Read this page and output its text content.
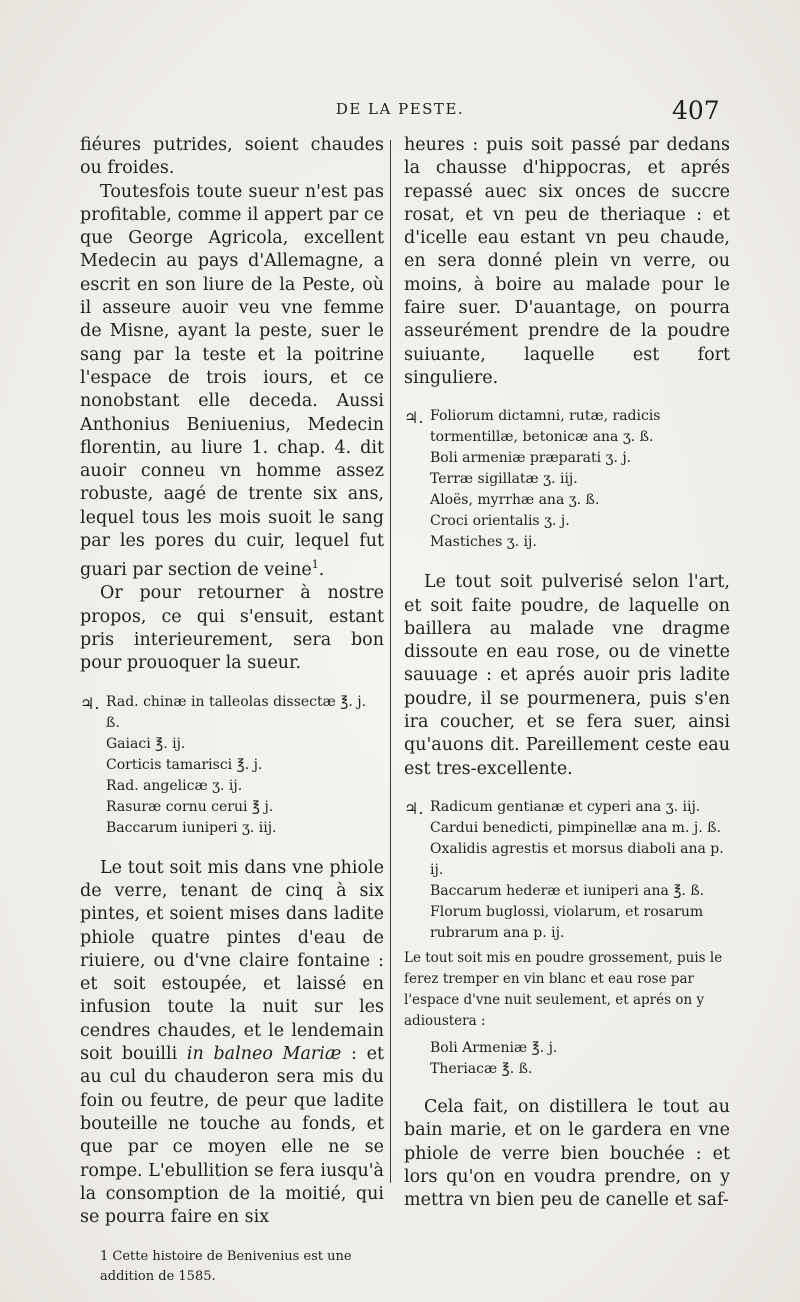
DE LA PESTE.	407

fiéures putrides, soient chaudes ou froides.

Toutesfois toute sueur n'est pas profitable, comme il appert par ce que George Agricola, excellent Medecin au pays d'Allemagne, a escrit en son liure de la Peste, où il asseure auoir veu vne femme de Misne, ayant la peste, suer le sang par la teste et la poitrine l'espace de trois iours, et ce nonobstant elle deceda. Aussi Anthonius Beniuenius, Medecin florentin, au liure 1. chap. 4. dit auoir conneu vn homme assez robuste, aagé de trente six ans, lequel tous les mois suoit le sang par les pores du cuir, lequel fut guari par section de veine$^1$.

Or pour retourner à nostre propos, ce qui s'ensuit, estant pris interieurement, sera bon pour prouoquer la sueur.

♃. Rad. chinæ in talleolas dissectæ ℥. j. ß.
Gaiaci ℥. ij.
Corticis tamarisci ℥. j.
Rad. angelicæ ʒ. ij.
Rasuræ cornu cerui ℥ j.
Baccarum iuniperi ʒ. iij.

Le tout soit mis dans vne phiole de verre, tenant de cinq à six pintes, et soient mises dans ladite phiole quatre pintes d'eau de riuiere, ou d'vne claire fontaine : et soit estoupée, et laissé en infusion toute la nuit sur les cendres chaudes, et le lendemain soit bouilli in balneo Mariæ : et au cul du chauderon sera mis du foin ou feutre, de peur que ladite bouteille ne touche au fonds, et que par ce moyen elle ne se rompe. L'ebullition se fera iusqu'à la consomption de la moitié, qui se pourra faire en six

1 Cette histoire de Benivenius est une addition de 1585.

heures : puis soit passé par dedans la chausse d'hippocras, et aprés repassé auec six onces de succre rosat, et vn peu de theriaque : et d'icelle eau estant vn peu chaude, en sera donné plein vn verre, ou moins, à boire au malade pour le faire suer. D'auantage, on pourra asseurément prendre de la poudre suiuante, laquelle est fort singuliere.

♃. Foliorum dictamni, rutæ, radicis tormentillæ, betonicæ ana ʒ. ß.
Boli armeniæ præparati ʒ. j.
Terræ sigillatæ ʒ. iij.
Aloës, myrrhæ ana ʒ. ß.
Croci orientalis ʒ. j.
Mastiches ʒ. ij.

Le tout soit pulverisé selon l'art, et soit faite poudre, de laquelle on baillera au malade vne dragme dissoute en eau rose, ou de vinette sauuage : et aprés auoir pris ladite poudre, il se pourmenera, puis s'en ira coucher, et se fera suer, ainsi qu'auons dit. Pareillement ceste eau est tres-excellente.

♃. Radicum gentianæ et cyperi ana ʒ. iij.
Cardui benedicti, pimpinellæ ana m. j. ß.
Oxalidis agrestis et morsus diaboli ana p. ij.
Baccarum hederæ et iuniperi ana ℥. ß.
Florum buglossi, violarum, et rosarum rubrarum ana p. ij.

Le tout soit mis en poudre grossement, puis le ferez tremper en vin blanc et eau rose par l'espace d'vne nuit seulement, et aprés on y adioustera :

Boli Armeniæ ℥. j.
Theriacæ ℥. ß.

Cela fait, on distillera le tout au bain marie, et on le gardera en vne phiole de verre bien bouchée : et lors qu'on en voudra prendre, on y mettra vn bien peu de canelle et saf-
